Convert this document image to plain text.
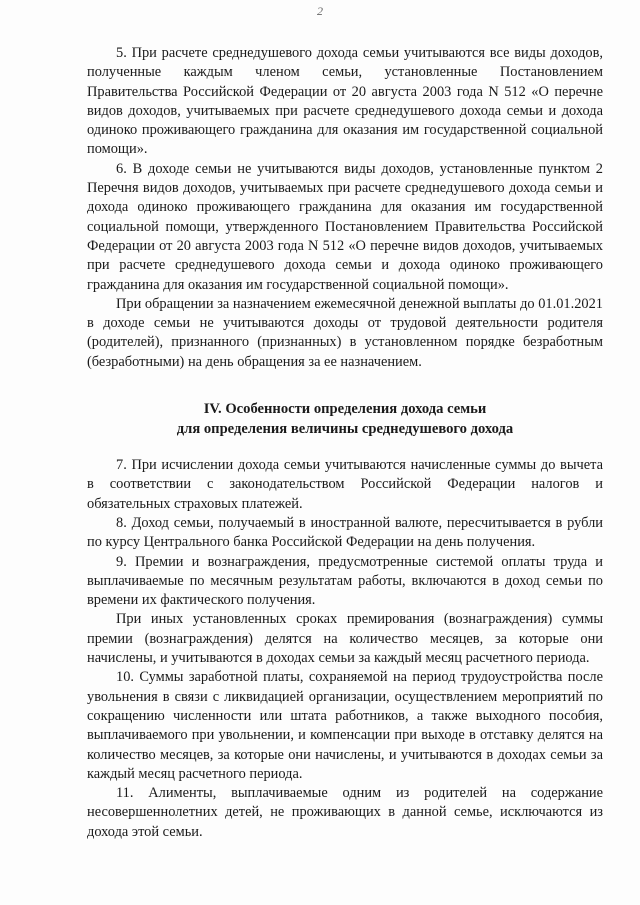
2

5. При расчете среднедушевого дохода семьи учитываются все виды доходов, полученные каждым членом семьи, установленные Постановлением Правительства Российской Федерации от 20 августа 2003 года N 512 «О перечне видов доходов, учитываемых при расчете среднедушевого дохода семьи и дохода одиноко проживающего гражданина для оказания им государственной социальной помощи».

6. В доходе семьи не учитываются виды доходов, установленные пунктом 2 Перечня видов доходов, учитываемых при расчете среднедушевого дохода семьи и дохода одиноко проживающего гражданина для оказания им государственной социальной помощи, утвержденного Постановлением Правительства Российской Федерации от 20 августа 2003 года N 512 «О перечне видов доходов, учитываемых при расчете среднедушевого дохода семьи и дохода одиноко проживающего гражданина для оказания им государственной социальной помощи».

При обращении за назначением ежемесячной денежной выплаты до 01.01.2021 в доходе семьи не учитываются доходы от трудовой деятельности родителя (родителей), признанного (признанных) в установленном порядке безработным (безработными) на день обращения за ее назначением.

IV. Особенности определения дохода семьи

для определения величины среднедушевого дохода

7. При исчислении дохода семьи учитываются начисленные суммы до вычета в соответствии с законодательством Российской Федерации налогов и обязательных страховых платежей.

8. Доход семьи, получаемый в иностранной валюте, пересчитывается в рубли по курсу Центрального банка Российской Федерации на день получения.

9. Премии и вознаграждения, предусмотренные системой оплаты труда и выплачиваемые по месячным результатам работы, включаются в доход семьи по времени их фактического получения.

При иных установленных сроках премирования (вознаграждения) суммы премии (вознаграждения) делятся на количество месяцев, за которые они начислены, и учитываются в доходах семьи за каждый месяц расчетного периода.

10. Суммы заработной платы, сохраняемой на период трудоустройства после увольнения в связи с ликвидацией организации, осуществлением мероприятий по сокращению численности или штата работников, а также выходного пособия, выплачиваемого при увольнении, и компенсации при выходе в отставку делятся на количество месяцев, за которые они начислены, и учитываются в доходах семьи за каждый месяц расчетного периода.

11. Алименты, выплачиваемые одним из родителей на содержание несовершеннолетних детей, не проживающих в данной семье, исключаются из дохода этой семьи.
